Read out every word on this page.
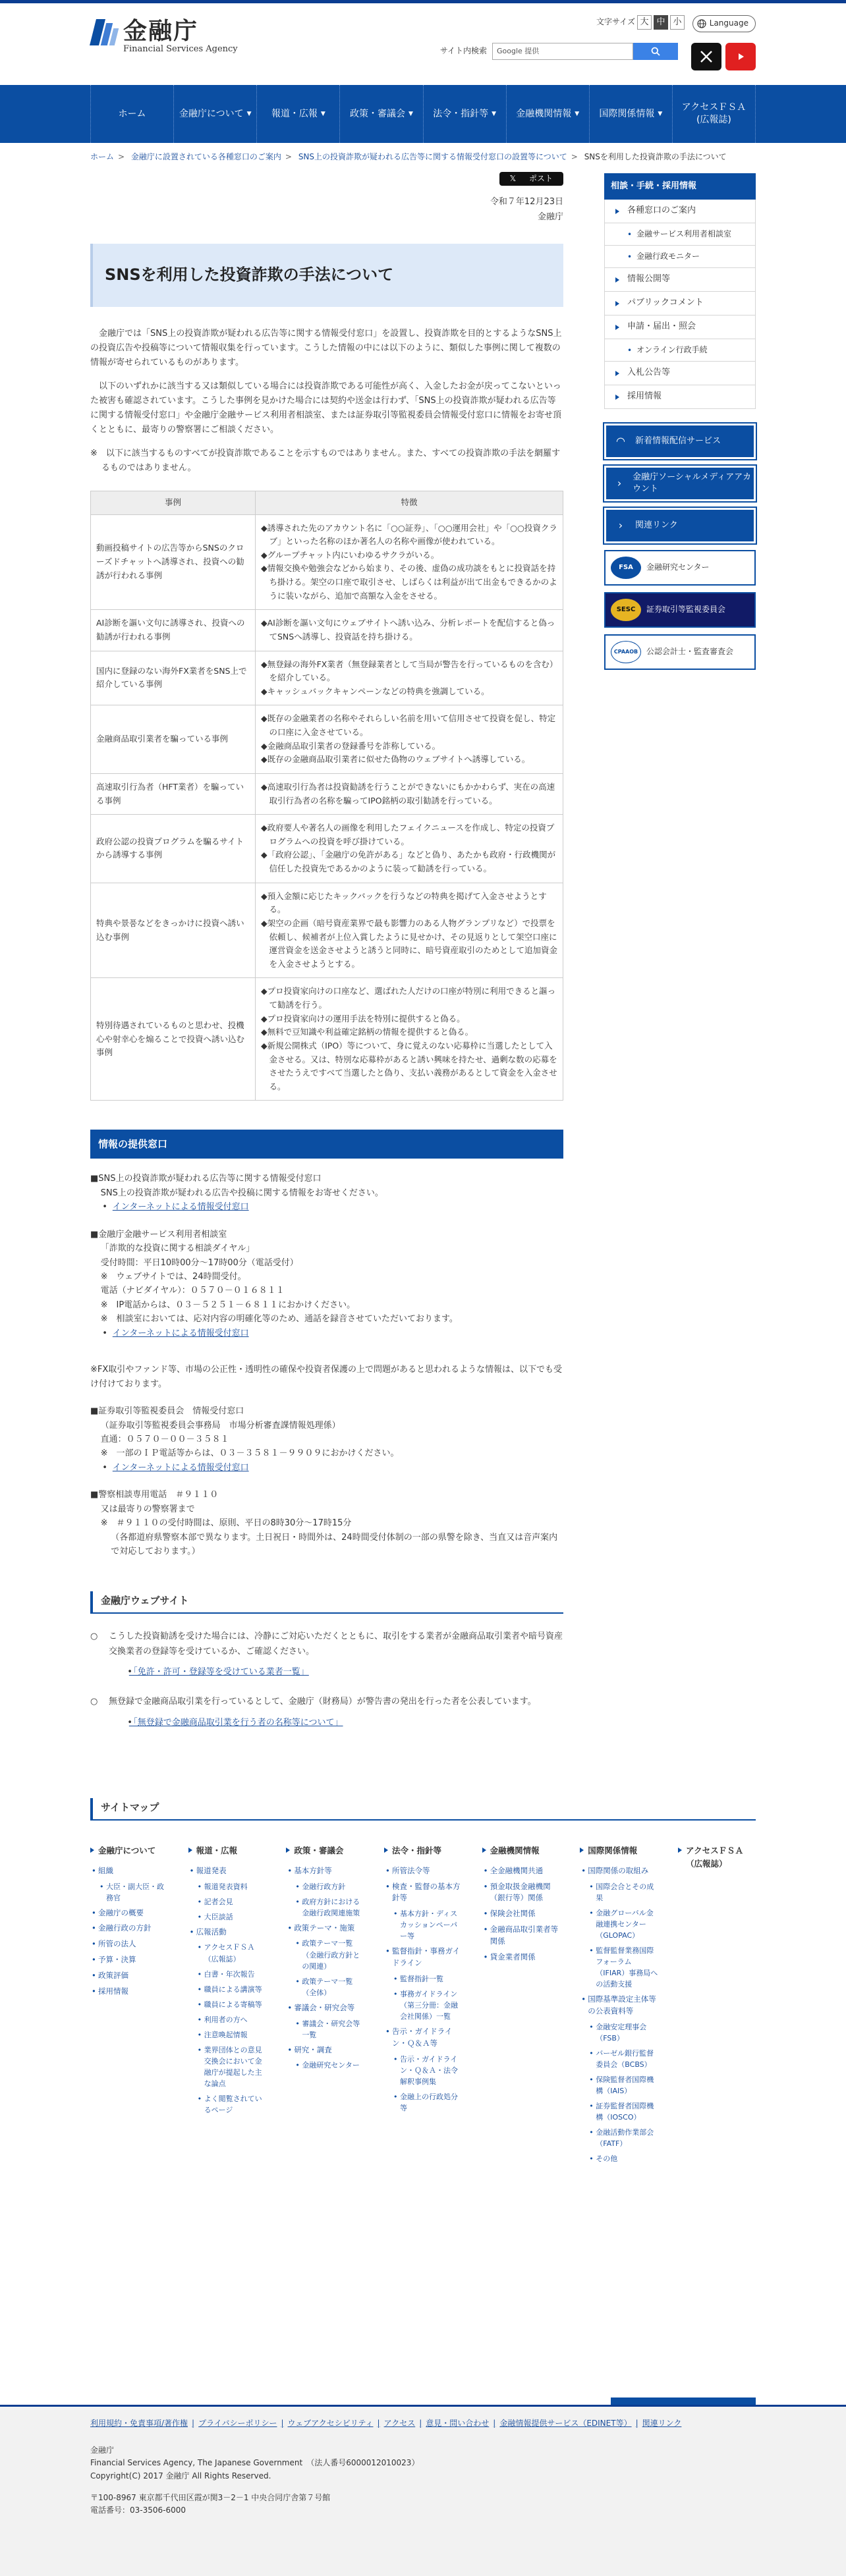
金融庁
Financial Services Agency
文字サイズ 大 中 小	Language
サイト内検索 Google 提供
ホーム	金融庁について ▼ 報道・広報 ▼	政策・審議会 ▼ 法令・指針等 ▼ 金融機関情報 ▼ 国際関係情報 ▼
アクセスＦＳＡ
(広報誌)
ホーム > 金融庁に設置されている各種窓口のご案内 > SNS上の投資詐欺が疑われる広告等に関する情報受付窓口の設置等について > SNSを利用した投資詐欺の手法について
𝕏 ポスト
令和７年12月23日
金融庁
SNSを利用した投資詐欺の手法について

金融庁では「SNS上の投資詐欺が疑われる広告等に関する情報受付窓口」を設置し、投資詐欺を目的とするようなSNS上の投資広告や投稿等について情報収集を行っています。こうした情報の中には以下のように、類似した事例に関して複数の情報が寄せられているものがあります。

以下のいずれかに該当する又は類似している場合には投資詐欺である可能性が高く、入金したお金が戻ってこないといった被害も確認されています。こうした事例を見かけた場合には契約や送金は行わず、「SNS上の投資詐欺が疑われる広告等に関する情報受付窓口」や金融庁金融サービス利用者相談室、または証券取引等監視委員会情報受付窓口に情報をお寄せ頂くとともに、最寄りの警察署にご相談ください。

※　以下に該当するものすべてが投資詐欺であることを示すものではありません。また、すべての投資詐欺の手法を網羅するものではありません。
事例	特徴
動画投稿サイトの広告等からSNSのクローズドチャットへ誘導され、投資への勧誘が行われる事例	◆誘導された先のアカウント名に「○○証券」、「○○運用会社」や「○○投資クラブ」といった名称のほか著名人の名称や画像が使われている。
◆グループチャット内にいわゆるサクラがいる。
◆情報交換や勉強会などから始まり、その後、虚偽の成功談をもとに投資話を持ち掛ける。架空の口座で取引させ、しばらくは利益が出て出金もできるかのように装いながら、追加で高額な入金をさせる。

AI診断を謳い文句に誘導され、投資への勧誘が行われる事例	◆AI診断を謳い文句にウェブサイトへ誘い込み、分析レポートを配信すると偽ってSNSへ誘導し、投資話を持ち掛ける。

国内に登録のない海外FX業者をSNS上で紹介している事例	◆無登録の海外FX業者（無登録業者として当局が警告を行っているものを含む）を紹介している。
◆キャッシュバックキャンペーンなどの特典を強調している。

金融商品取引業者を騙っている事例	◆既存の金融業者の名称やそれらしい名前を用いて信用させて投資を促し、特定の口座に入金させている。
◆金融商品取引業者の登録番号を詐称している。
◆既存の金融商品取引業者に似せた偽物のウェブサイトへ誘導している。

高速取引行為者（HFT業者）を騙っている事例	◆高速取引行為者は投資勧誘を行うことができないにもかかわらず、実在の高速取引行為者の名称を騙ってIPO銘柄の取引勧誘を行っている。

政府公認の投資プログラムを騙るサイトから誘導する事例	◆政府要人や著名人の画像を利用したフェイクニュースを作成し、特定の投資プログラムへの投資を呼び掛けている。
◆「政府公認」、「金融庁の免許がある」などと偽り、あたかも政府・行政機関が信任した投資先であるかのように装って勧誘を行っている。

特典や景품などをきっかけに投資へ誘い込む事例	◆預入金額に応じたキックバックを行うなどの特典を掲げて入金させようとする。
◆架空の企画（暗号資産業界で最も影響力のある人物グランプリなど）で投票を依頼し、候補者が上位入賞したように見せかけ、その見返りとして架空口座に運営資金を送金させようと誘うと同時に、暗号資産取引のためとして追加資金を入金させようとする。

特別待遇されているものと思わせ、投機心や射幸心を煽ることで投資へ誘い込む事例	◆プロ投資家向けの口座など、選ばれた人だけの口座が特別に利用できると謳って勧誘を行う。
◆プロ投資家向けの運用手法を特別に提供すると偽る。
◆無料で豆知識や利益確定銘柄の情報を提供すると偽る。
◆新規公開株式（IPO）等について、身に覚えのない応募枠に当選したとして入金させる。又は、特別な応募枠があると誘い興味を持たせ、過剰な数の応募をさせたうえですべて当選したと偽り、支払い義務があるとして資金を入金させる。
情報の提供窓口
■SNS上の投資詐欺が疑われる広告等に関する情報受付窓口
SNS上の投資詐欺が疑われる広告や投稿に関する情報をお寄せください。
• インターネットによる情報受付窓口
■金融庁金融サービス利用者相談室
「詐欺的な投資に関する相談ダイヤル」
受付時間：平日10時00分～17時00分（電話受付）
※　ウェブサイトでは、24時間受付。
電話（ナビダイヤル）：０５７０－０１６８１１
※　IP電話からは、０３－５２５１－６８１１におかけください。
※　相談室においては、応対内容の明確化等のため、通話を録音させていただいております。
• インターネットによる情報受付窓口
※FX取引やファンド等、市場の公正性・透明性の確保や投資者保護の上で問題があると思われるような情報は、以下でも受け付けております。
■証券取引等監視委員会　情報受付窓口
（証券取引等監視委員会事務局　市場分析審査課情報処理係）
直通：０５７０－００－３５８１
※　一部のＩＰ電話等からは、０３－３５８１－９９０９におかけください。
• インターネットによる情報受付窓口
■警察相談専用電話　＃９１１０
又は最寄りの警察署まで
※　＃９１１０の受付時間は、原則、平日の8時30分～17時15分
（各都道府県警察本部で異なります。土日祝日・時間外は、24時間受付体制の一部の県警を除き、当直又は音声案内で対応しております。）
金融庁ウェブサイト
○	こうした投資勧誘を受けた場合には、冷静にご対応いただくとともに、取引をする業者が金融商品取引業者や暗号資産交換業者の登録等を受けているか、ご確認ください。
• 「免許・許可・登録等を受けている業者一覧」
○	無登録で金融商品取引業を行っているとして、金融庁（財務局）が警告書の発出を行った者を公表しています。
• 「無登録で金融商品取引業を行う者の名称等について」
相談・手続・採用情報
各種窓口のご案内
• 金融サービス利用者相談室
• 金融行政モニター
情報公開等
パブリックコメント
申請・届出・照会
• オンライン行政手続
入札公告等
採用情報
◠	新着情報配信サービス
›	金融庁ソーシャルメディアアカウント
›	関連リンク
FSA	金融研究センター
SESC	証券取引等監視委員会
CPAAOB	公認会計士・監査審査会
サイトマップ
金融庁について
• 組織
• 大臣・副大臣・政務官
• 金融庁の概要
• 金融行政の方針
• 所管の法人
• 予算・決算
• 政策評価
• 採用情報
報道・広報
• 報道発表
• 報道発表資料
• 記者会見
• 大臣談話
• 広報活動
• アクセスＦＳＡ（広報誌）
• 白書・年次報告
• 職員による講演等
• 職員による寄稿等
• 利用者の方へ
• 注意喚起情報
• 業界団体との意見交換会において金融庁が提起した主な論点
• よく閲覧されているページ
政策・審議会
• 基本方針等
• 金融行政方針
• 政府方針における金融行政関連施策
• 政策テーマ・施策
• 政策テーマ一覧（金融行政方針との関連）
• 政策テーマ一覧（全体）
• 審議会・研究会等
• 審議会・研究会等一覧
• 研究・調査
• 金融研究センター
法令・指針等
• 所管法令等
• 検査・監督の基本方針等
• 基本方針・ディスカッションペーパー等
• 監督指針・事務ガイドライン
• 監督指針一覧
• 事務ガイドライン（第三分冊：金融会社関係）一覧
• 告示・ガイドライン・Ｑ＆Ａ等
• 告示・ガイドライン・Ｑ＆Ａ・法令解釈事例集
• 金融上の行政処分等
金融機関情報
• 全金融機関共通
• 預金取扱金融機関（銀行等）関係
• 保険会社関係
• 金融商品取引業者等関係
• 貸金業者関係
国際関係情報
• 国際関係の取組み
• 国際会合とその成果
• 金融グローバル金融連携センター（GLOPAC）
• 監督監督業務国際フォーラム（IFIAR）事務局への活動支援
• 国際基準設定主体等の公表資料等
• 金融安定理事会（FSB）
• バーゼル銀行監督委員会（BCBS）
• 保険監督者国際機構（IAIS）
• 証券監督者国際機構（IOSCO）
• 金融活動作業部会（FATF）
• その他
アクセスＦＳＡ（広報誌）
利用規約・免責事項/著作権 | プライバシーポリシー | ウェブアクセシビリティ | アクセス | 意見・問い合わせ | 金融情報提供サービス（EDINET等） | 関連リンク
金融庁
Financial Services Agency, The Japanese Government　（法人番号6000012010023）
Copyright(C) 2017 金融庁 All Rights Reserved.
〒100-8967 東京都千代田区霞が関3－2－1 中央合同庁舎第７号館
電話番号：03-3506-6000
